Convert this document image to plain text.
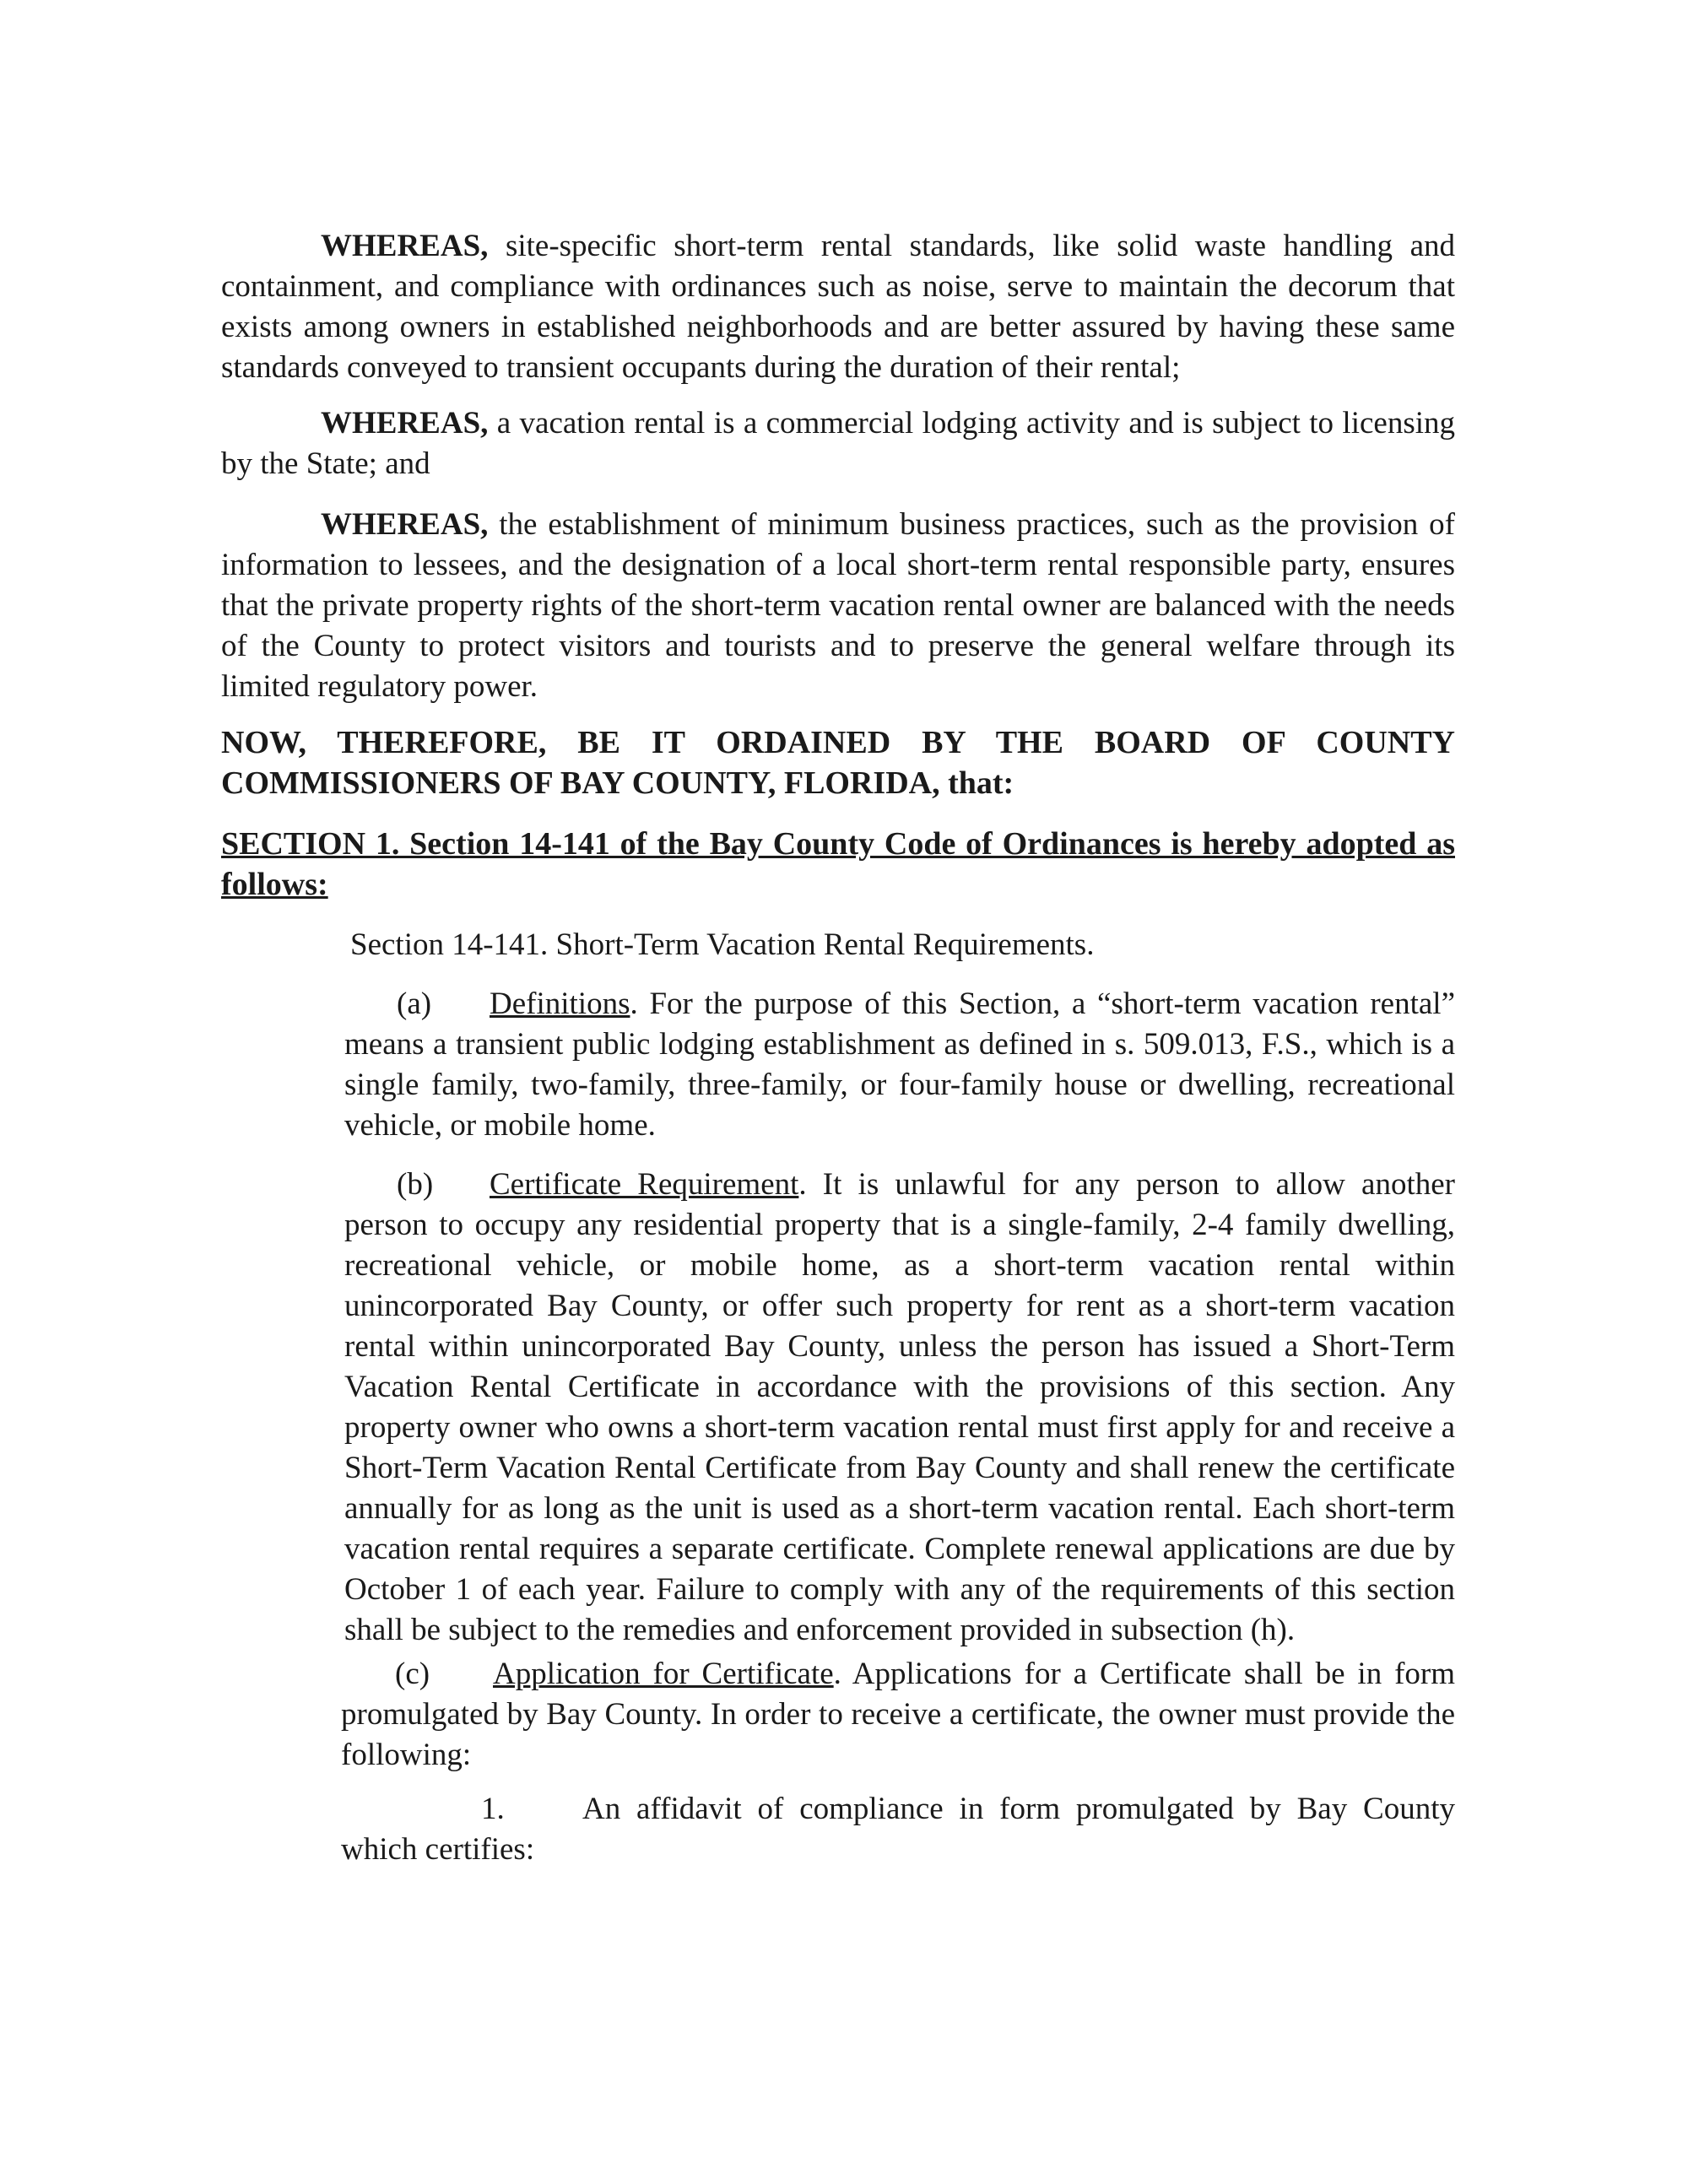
WHEREAS, site-specific short-term rental standards, like solid waste handling and containment, and compliance with ordinances such as noise, serve to maintain the decorum that exists among owners in established neighborhoods and are better assured by having these same standards conveyed to transient occupants during the duration of their rental;

WHEREAS, a vacation rental is a commercial lodging activity and is subject to licensing by the State; and

WHEREAS, the establishment of minimum business practices, such as the provision of information to lessees, and the designation of a local short-term rental responsible party, ensures that the private property rights of the short-term vacation rental owner are balanced with the needs of the County to protect visitors and tourists and to preserve the general welfare through its limited regulatory power.

NOW, THEREFORE, BE IT ORDAINED BY THE BOARD OF COUNTY COMMISSIONERS OF BAY COUNTY, FLORIDA, that:

SECTION 1. Section 14-141 of the Bay County Code of Ordinances is hereby adopted as follows:

Section 14-141. Short-Term Vacation Rental Requirements.

(a) Definitions. For the purpose of this Section, a “short-term vacation rental” means a transient public lodging establishment as defined in s. 509.013, F.S., which is a single family, two-family, three-family, or four-family house or dwelling, recreational vehicle, or mobile home.

(b) Certificate Requirement. It is unlawful for any person to allow another person to occupy any residential property that is a single-family, 2-4 family dwelling, recreational vehicle, or mobile home, as a short-term vacation rental within unincorporated Bay County, or offer such property for rent as a short-term vacation rental within unincorporated Bay County, unless the person has issued a Short-Term Vacation Rental Certificate in accordance with the provisions of this section. Any property owner who owns a short-term vacation rental must first apply for and receive a Short-Term Vacation Rental Certificate from Bay County and shall renew the certificate annually for as long as the unit is used as a short-term vacation rental. Each short-term vacation rental requires a separate certificate. Complete renewal applications are due by October 1 of each year. Failure to comply with any of the requirements of this section shall be subject to the remedies and enforcement provided in subsection (h).

(c) Application for Certificate. Applications for a Certificate shall be in form promulgated by Bay County. In order to receive a certificate, the owner must provide the following:

1. An affidavit of compliance in form promulgated by Bay County which certifies:
